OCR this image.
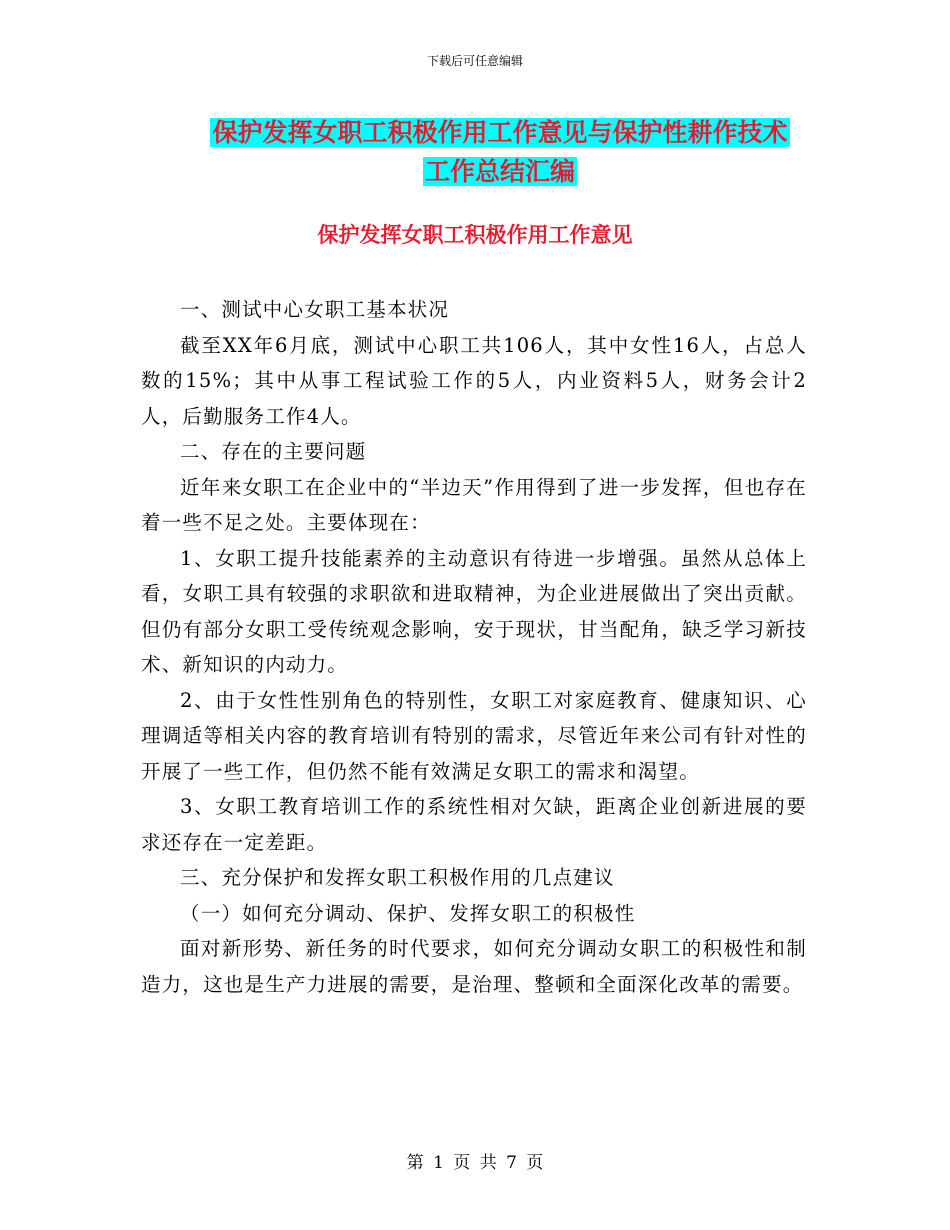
下载后可任意编辑
保护发挥女职工积极作用工作意见与保护性耕作技术
工作总结汇编
保护发挥女职工积极作用工作意见

一、测试中心女职工基本状况

截至XX年6月底，测试中心职工共106人，其中女性16人，占总人数的15%；其中从事工程试验工作的5人，内业资料5人，财务会计2人，后勤服务工作4人。

二、存在的主要问题

近年来女职工在企业中的“半边天”作用得到了进一步发挥，但也存在着一些不足之处。主要体现在：

1、女职工提升技能素养的主动意识有待进一步增强。虽然从总体上看，女职工具有较强的求职欲和进取精神，为企业进展做出了突出贡献。但仍有部分女职工受传统观念影响，安于现状，甘当配角，缺乏学习新技术、新知识的内动力。

2、由于女性性别角色的特别性，女职工对家庭教育、健康知识、心理调适等相关内容的教育培训有特别的需求，尽管近年来公司有针对性的开展了一些工作，但仍然不能有效满足女职工的需求和渴望。

3、女职工教育培训工作的系统性相对欠缺，距离企业创新进展的要求还存在一定差距。

三、充分保护和发挥女职工积极作用的几点建议

（一）如何充分调动、保护、发挥女职工的积极性

面对新形势、新任务的时代要求，如何充分调动女职工的积极性和制造力，这也是生产力进展的需要，是治理、整顿和全面深化改革的需要。

第 1 页 共 7 页
